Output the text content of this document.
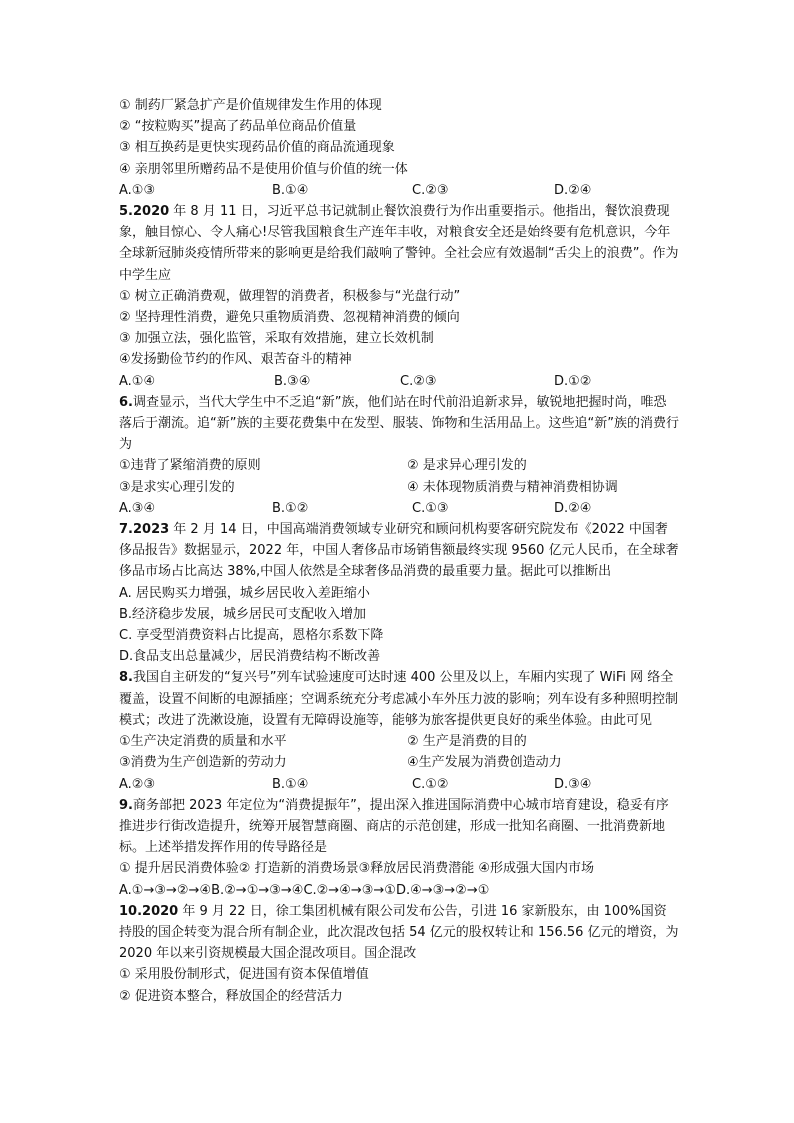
① 制药厂紧急扩产是价值规律发生作用的体现
② “按粒购买”提高了药品单位商品价值量
③ 相互换药是更快实现药品价值的商品流通现象
④ 亲朋邻里所赠药品不是使用价值与价值的统一体
A.①③	B.①④	C.②③	D.②④
5.2020 年 8 月 11 日，习近平总书记就制止餐饮浪费行为作出重要指示。他指出，餐饮浪费现象，触目惊心、令人痛心!尽管我国粮食生产连年丰收，对粮食安全还是始终要有危机意识，今年全球新冠肺炎疫情所带来的影响更是给我们敲响了警钟。全社会应有效遏制“舌尖上的浪费”。作为中学生应
① 树立正确消费观，做理智的消费者，积极参与“光盘行动”
② 坚持理性消费，避免只重物质消费、忽视精神消费的倾向
③ 加强立法，强化监管，采取有效措施，建立长效机制
④发扬勤俭节约的作风、艰苦奋斗的精神
A.①④	B.③④	C.②③	D.①②
6.调查显示，当代大学生中不乏追“新”族，他们站在时代前沿追新求异，敏锐地把握时尚，唯恐落后于潮流。追“新”族的主要花费集中在发型、服装、饰物和生活用品上。这些追“新”族的消费行为
①违背了紧缩消费的原则	② 是求异心理引发的
③是求实心理引发的	④ 未体现物质消费与精神消费相协调
A.③④	B.①②	C.①③	D.②④
7.2023 年 2 月 14 日，中国高端消费领域专业研究和顾问机构要客研究院发布《2022 中国奢侈品报告》数据显示，2022 年，中国人奢侈品市场销售额最终实现 9560 亿元人民币，在全球奢侈品市场占比高达 38%,中国人依然是全球奢侈品消费的最重要力量。据此可以推断出
A. 居民购买力增强，城乡居民收入差距缩小
B.经济稳步发展，城乡居民可支配收入增加
C. 享受型消费资料占比提高，恩格尔系数下降
D.食品支出总量减少，居民消费结构不断改善
8.我国自主研发的“复兴号”列车试验速度可达时速 400 公里及以上，车厢内实现了 WiFi 网 络全覆盖，设置不间断的电源插座；空调系统充分考虑减小车外压力波的影响；列车设有多种照明控制模式；改进了洗漱设施，设置有无障碍设施等，能够为旅客提供更良好的乘坐体验。由此可见
①生产决定消费的质量和水平	② 生产是消费的目的
③消费为生产创造新的劳动力	④生产发展为消费创造动力
A.②③	B.①④	C.①②	D.③④
9.商务部把 2023 年定位为“消费提振年”，提出深入推进国际消费中心城市培育建设，稳妥有序推进步行街改造提升，统筹开展智慧商圈、商店的示范创建，形成一批知名商圈、一批消费新地标。上述举措发挥作用的传导路径是
① 提升居民消费体验② 打造新的消费场景③释放居民消费潜能 ④形成强大国内市场
A.①→③→②→④B.②→①→③→④C.②→④→③→①D.④→③→②→①
10.2020 年 9 月 22 日，徐工集团机械有限公司发布公告，引进 16 家新股东，由 100%国资持股的国企转变为混合所有制企业，此次混改包括 54 亿元的股权转让和 156.56 亿元的增资，为 2020 年以来引资规模最大国企混改项目。国企混改
① 采用股份制形式，促进国有资本保值增值
② 促进资本整合，释放国企的经营活力
